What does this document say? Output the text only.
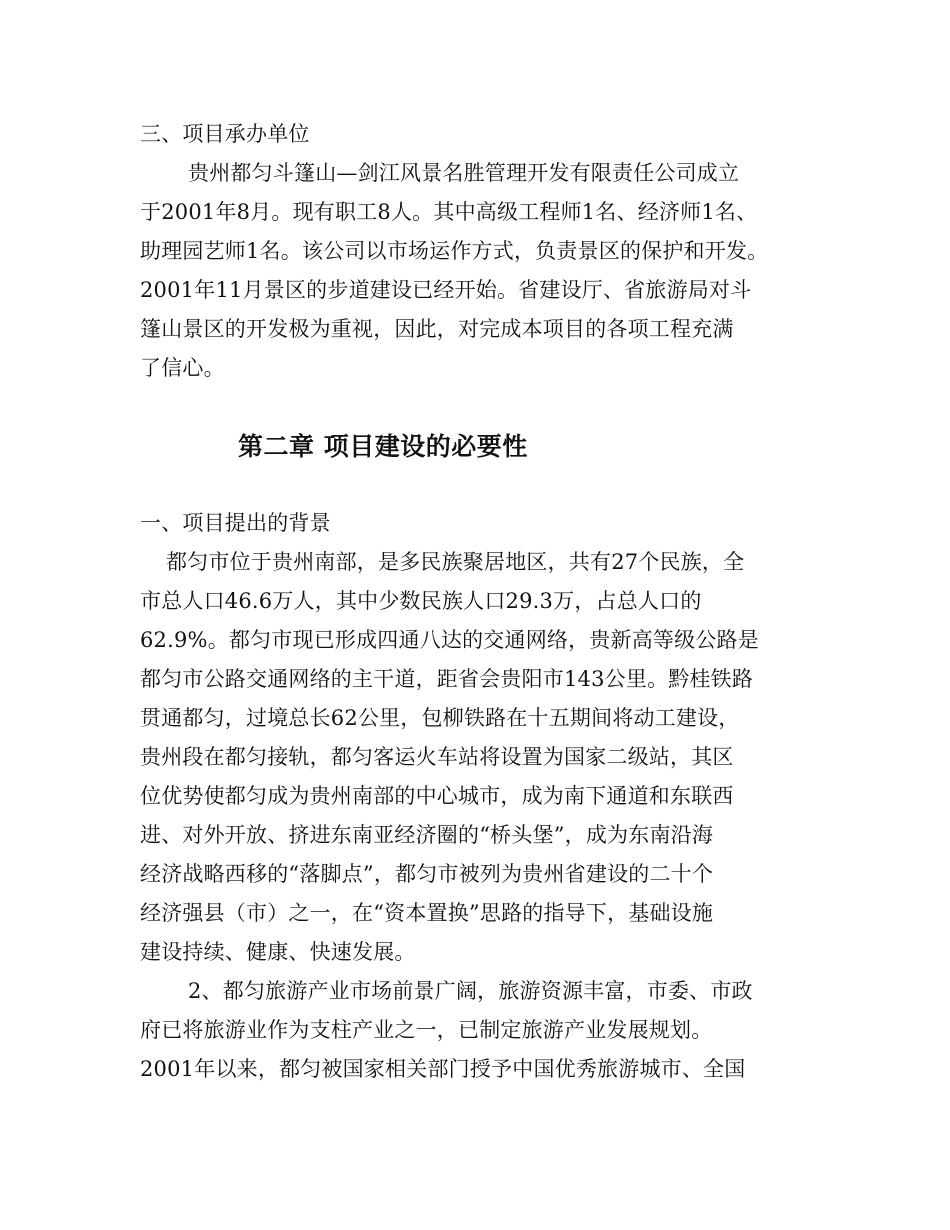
三、项目承办单位
贵州都匀斗篷山—剑江风景名胜管理开发有限责任公司成立
于2001年8月。现有职工8人。其中高级工程师1名、经济师1名、
助理园艺师1名。该公司以市场运作方式，负责景区的保护和开发。
2001年11月景区的步道建设已经开始。省建设厅、省旅游局对斗
篷山景区的开发极为重视，因此，对完成本项目的各项工程充满
了信心。
第二章 项目建设的必要性
一、项目提出的背景
都匀市位于贵州南部，是多民族聚居地区，共有27个民族，全
市总人口46.6万人，其中少数民族人口29.3万，占总人口的
62.9%。都匀市现已形成四通八达的交通网络，贵新高等级公路是
都匀市公路交通网络的主干道，距省会贵阳市143公里。黔桂铁路
贯通都匀，过境总长62公里，包柳铁路在十五期间将动工建设，
贵州段在都匀接轨，都匀客运火车站将设置为国家二级站，其区
位优势使都匀成为贵州南部的中心城市，成为南下通道和东联西
进、对外开放、挤进东南亚经济圈的“桥头堡”，成为东南沿海
经济战略西移的“落脚点”，都匀市被列为贵州省建设的二十个
经济强县（市）之一，在“资本置换”思路的指导下，基础设施
建设持续、健康、快速发展。
2、都匀旅游产业市场前景广阔，旅游资源丰富，市委、市政
府已将旅游业作为支柱产业之一，已制定旅游产业发展规划。
2001年以来，都匀被国家相关部门授予中国优秀旅游城市、全国
